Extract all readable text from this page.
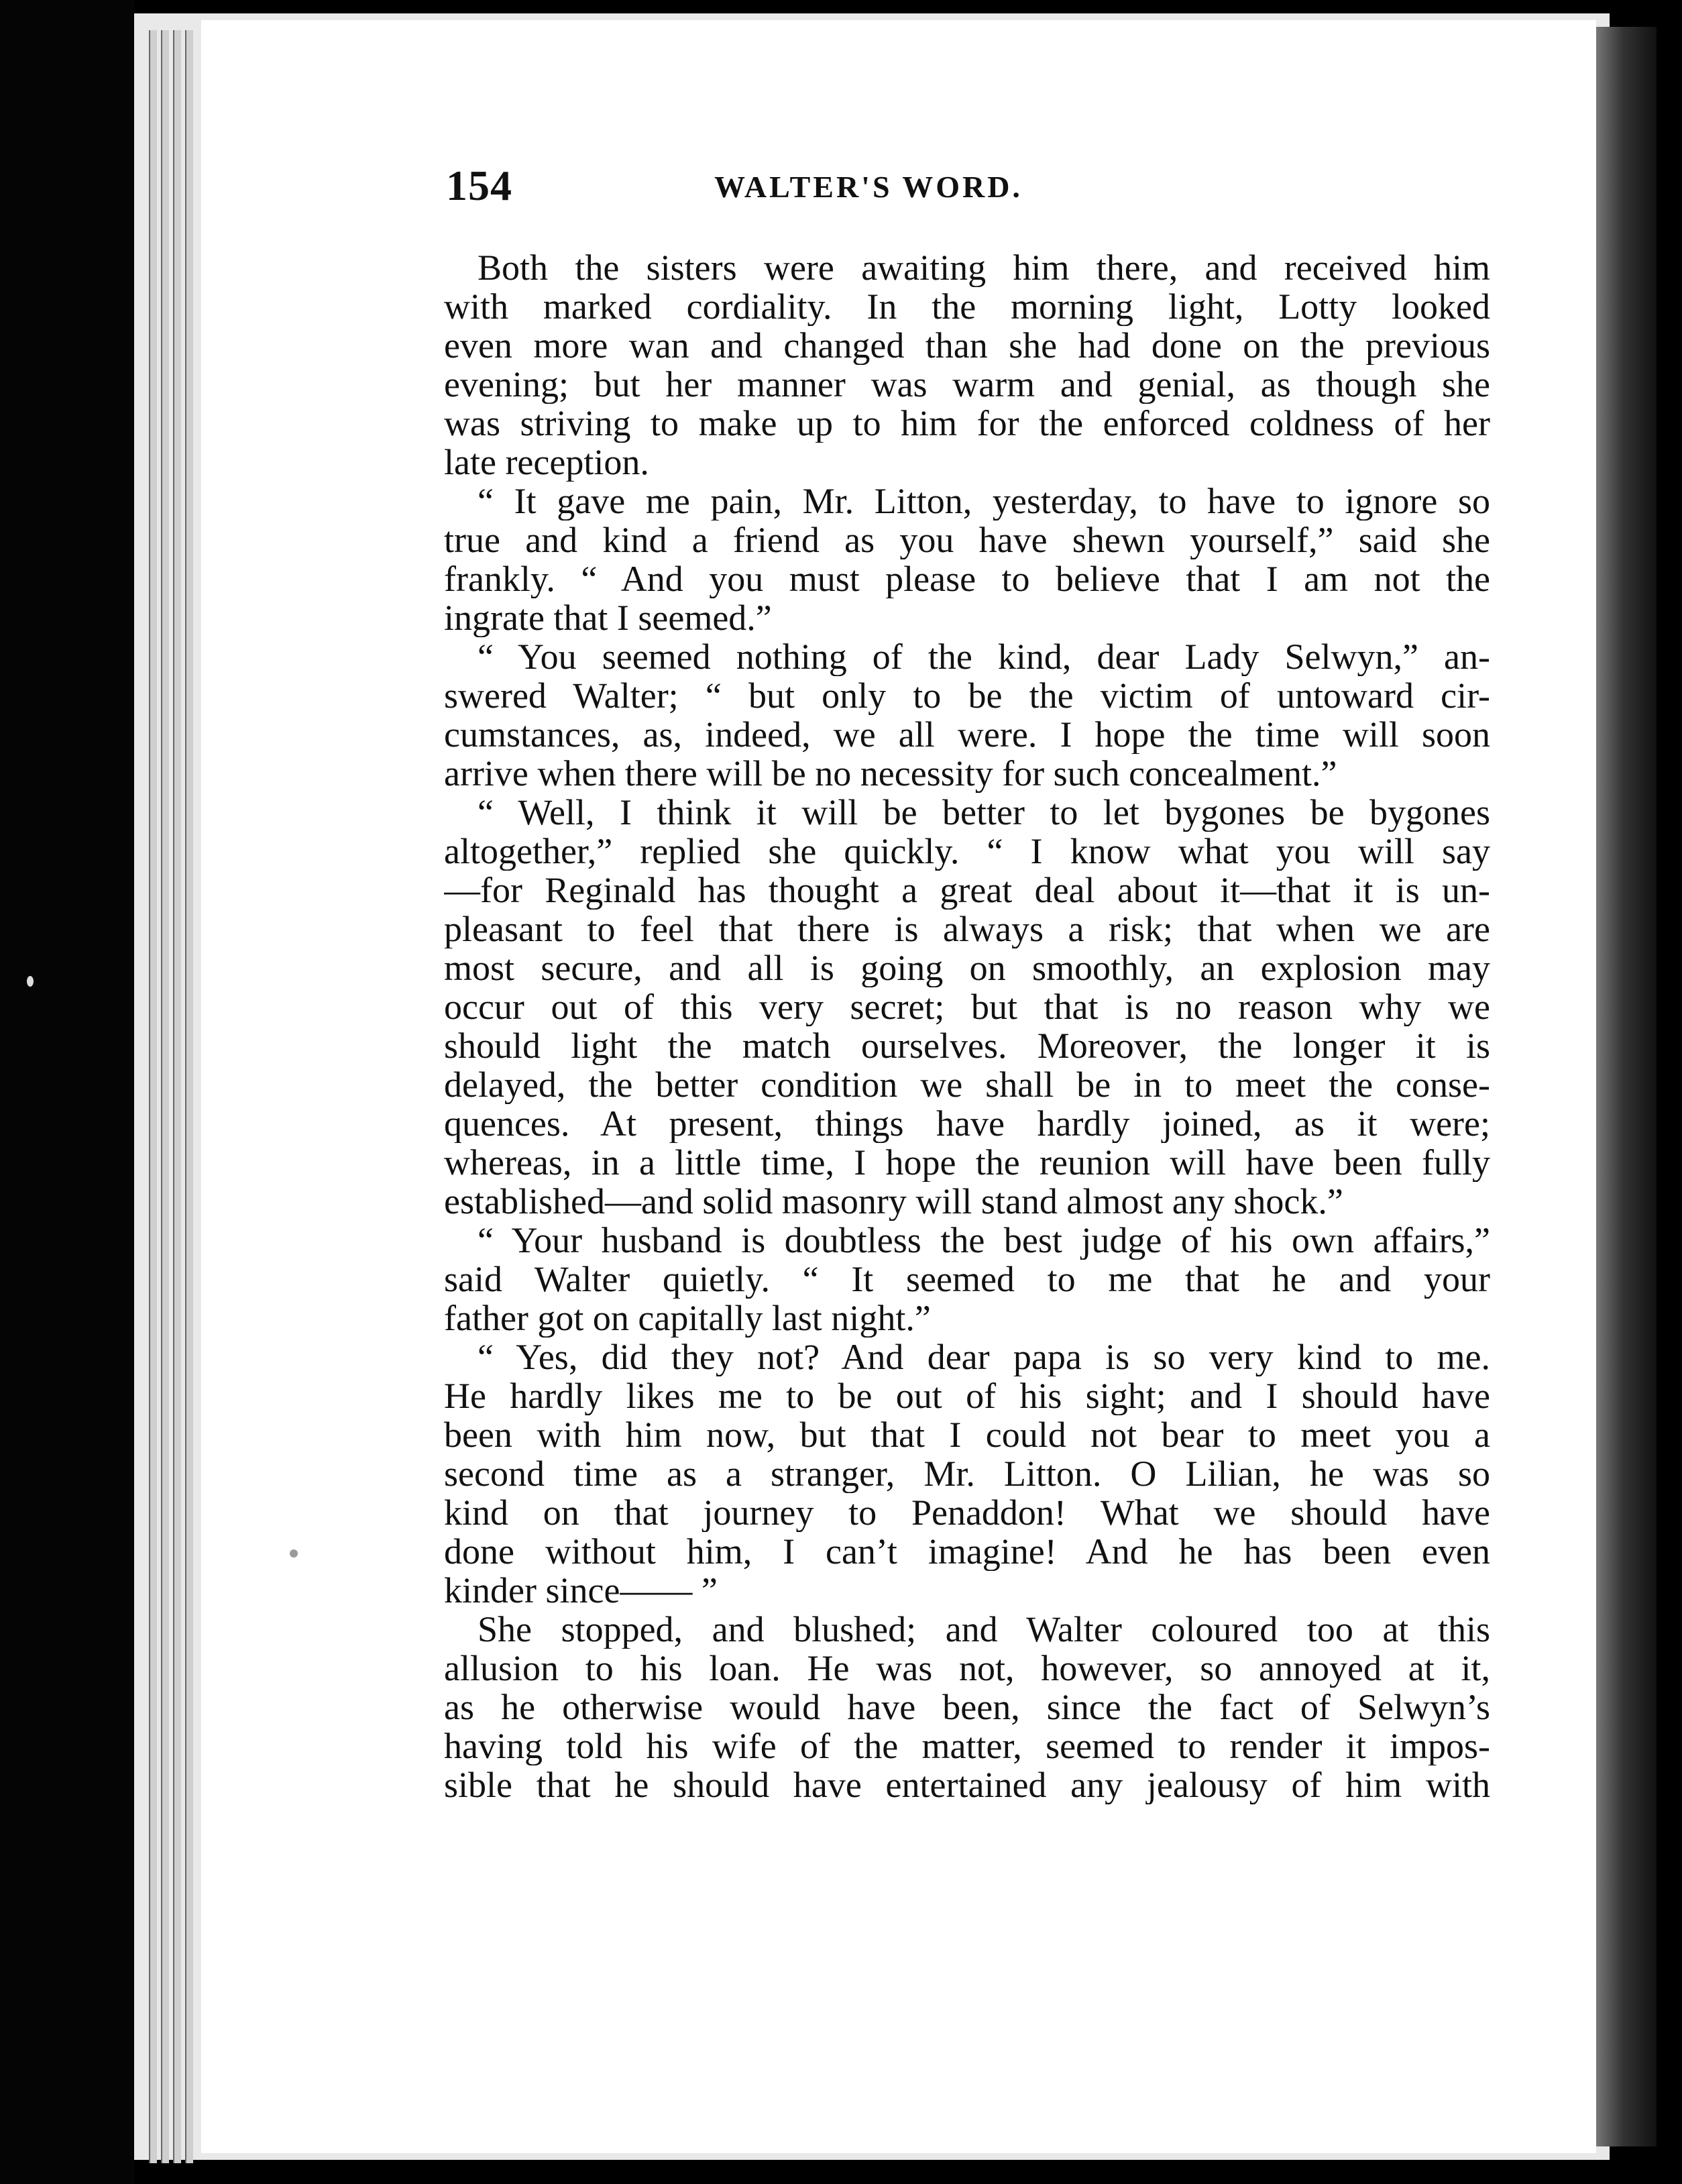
154	WALTER'S WORD.
Both the sisters were awaiting him there, and received him
with marked cordiality. In the morning light, Lotty looked
even more wan and changed than she had done on the previous
evening; but her manner was warm and genial, as though she
was striving to make up to him for the enforced coldness of her
late reception.
“ It gave me pain, Mr. Litton, yesterday, to have to ignore so
true and kind a friend as you have shewn yourself,” said she
frankly. “ And you must please to believe that I am not the
ingrate that I seemed.”
“ You seemed nothing of the kind, dear Lady Selwyn,” an-
swered Walter; “ but only to be the victim of untoward cir-
cumstances, as, indeed, we all were. I hope the time will soon
arrive when there will be no necessity for such concealment.”
“ Well, I think it will be better to let bygones be bygones
altogether,” replied she quickly. “ I know what you will say
—for Reginald has thought a great deal about it—that it is un-
pleasant to feel that there is always a risk; that when we are
most secure, and all is going on smoothly, an explosion may
occur out of this very secret; but that is no reason why we
should light the match ourselves. Moreover, the longer it is
delayed, the better condition we shall be in to meet the conse-
quences. At present, things have hardly joined, as it were;
whereas, in a little time, I hope the reunion will have been fully
established—and solid masonry will stand almost any shock.”
“ Your husband is doubtless the best judge of his own affairs,”
said Walter quietly. “ It seemed to me that he and your
father got on capitally last night.”
“ Yes, did they not? And dear papa is so very kind to me.
He hardly likes me to be out of his sight; and I should have
been with him now, but that I could not bear to meet you a
second time as a stranger, Mr. Litton. O Lilian, he was so
kind on that journey to Penaddon! What we should have
done without him, I can’t imagine! And he has been even
kinder since—— ”
She stopped, and blushed; and Walter coloured too at this
allusion to his loan. He was not, however, so annoyed at it,
as he otherwise would have been, since the fact of Selwyn’s
having told his wife of the matter, seemed to render it impos-
sible that he should have entertained any jealousy of him with
